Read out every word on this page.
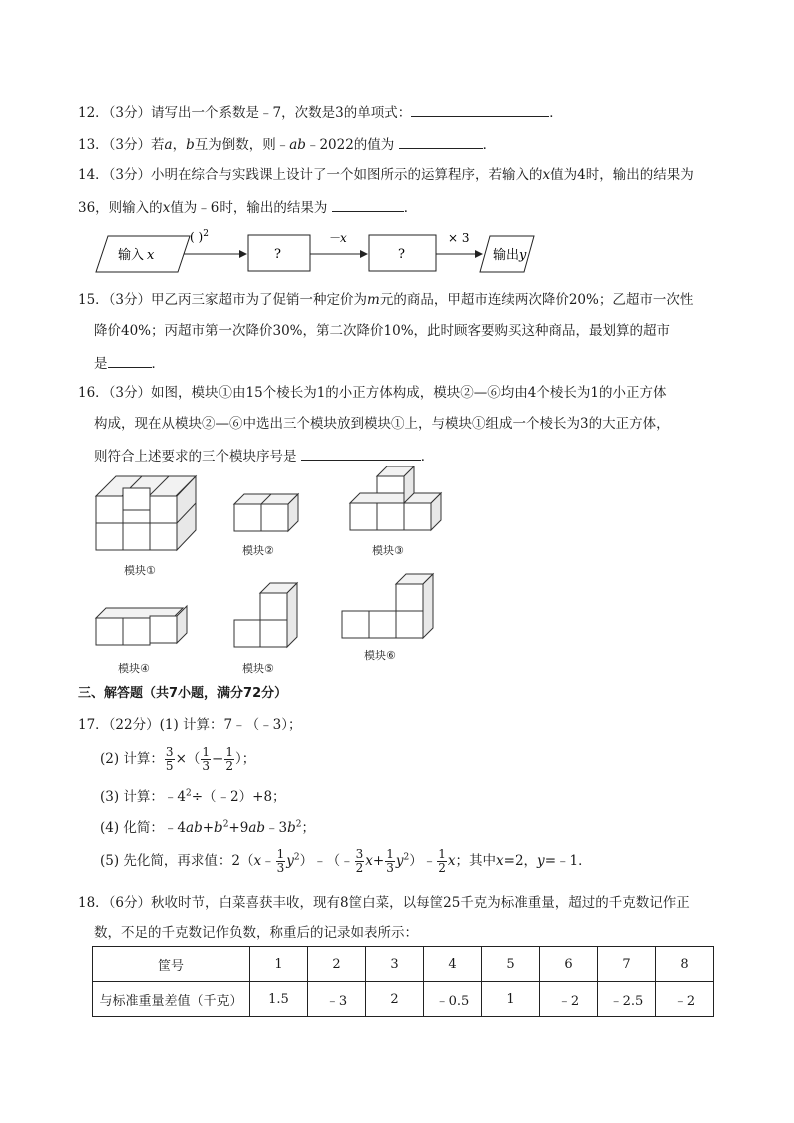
12．（3分）请写出一个系数是﹣7，次数是3的单项式：	．
13．（3分）若a，b互为倒数，则﹣ab﹣2022的值为	．
14．（3分）小明在综合与实践课上设计了一个如图所示的运算程序，若输入的x值为4时，输出的结果为
36，则输入的x值为﹣6时，输出的结果为	．
输入 x
( )$^2$
?
－x
?
× 3
输出y
15．（3分）甲乙丙三家超市为了促销一种定价为m元的商品，甲超市连续两次降价20%；乙超市一次性
降价40%；丙超市第一次降价30%，第二次降价10%，此时顾客要购买这种商品，最划算的超市
是	．
16．（3分）如图，模块①由15个棱长为1的小正方体构成，模块②—⑥均由4个棱长为1的小正方体
构成，现在从模块②—⑥中选出三个模块放到模块①上，与模块①组成一个棱长为3的大正方体，
则符合上述要求的三个模块序号是	．
模块①
模块②	模块③
模块④	模块⑤
模块⑥
三、解答题（共7小题，满分72分）
17．（22分）(1) 计算：7﹣（﹣3）；
(2) 计算： $\frac{3}{5}$ ×（ $\frac{1}{3} - \frac{1}{2}$ ）；
(3) 计算：$﹣4^2\div(﹣2)+8$；
(4) 化简：$﹣4ab+b^2+9ab﹣3b^2$；
(5) 先化简，再求值：2（x﹣ $\frac{1}{3}$ $y^2)﹣(﹣ \frac{3}{2} x+ \frac{1}{3}$ $y^2)﹣ \frac{1}{2}$ x；其中x=2，y=﹣1．
18．（6分）秋收时节，白菜喜获丰收，现有8筐白菜，以每筐25千克为标准重量，超过的千克数记作正
数，不足的千克数记作负数，称重后的记录如表所示：
筐号	1	2	3	4	5	6	7	8
与标准重量差值（千克）	1.5	﹣3	2	﹣0.5	1	﹣2	﹣2.5	﹣2
